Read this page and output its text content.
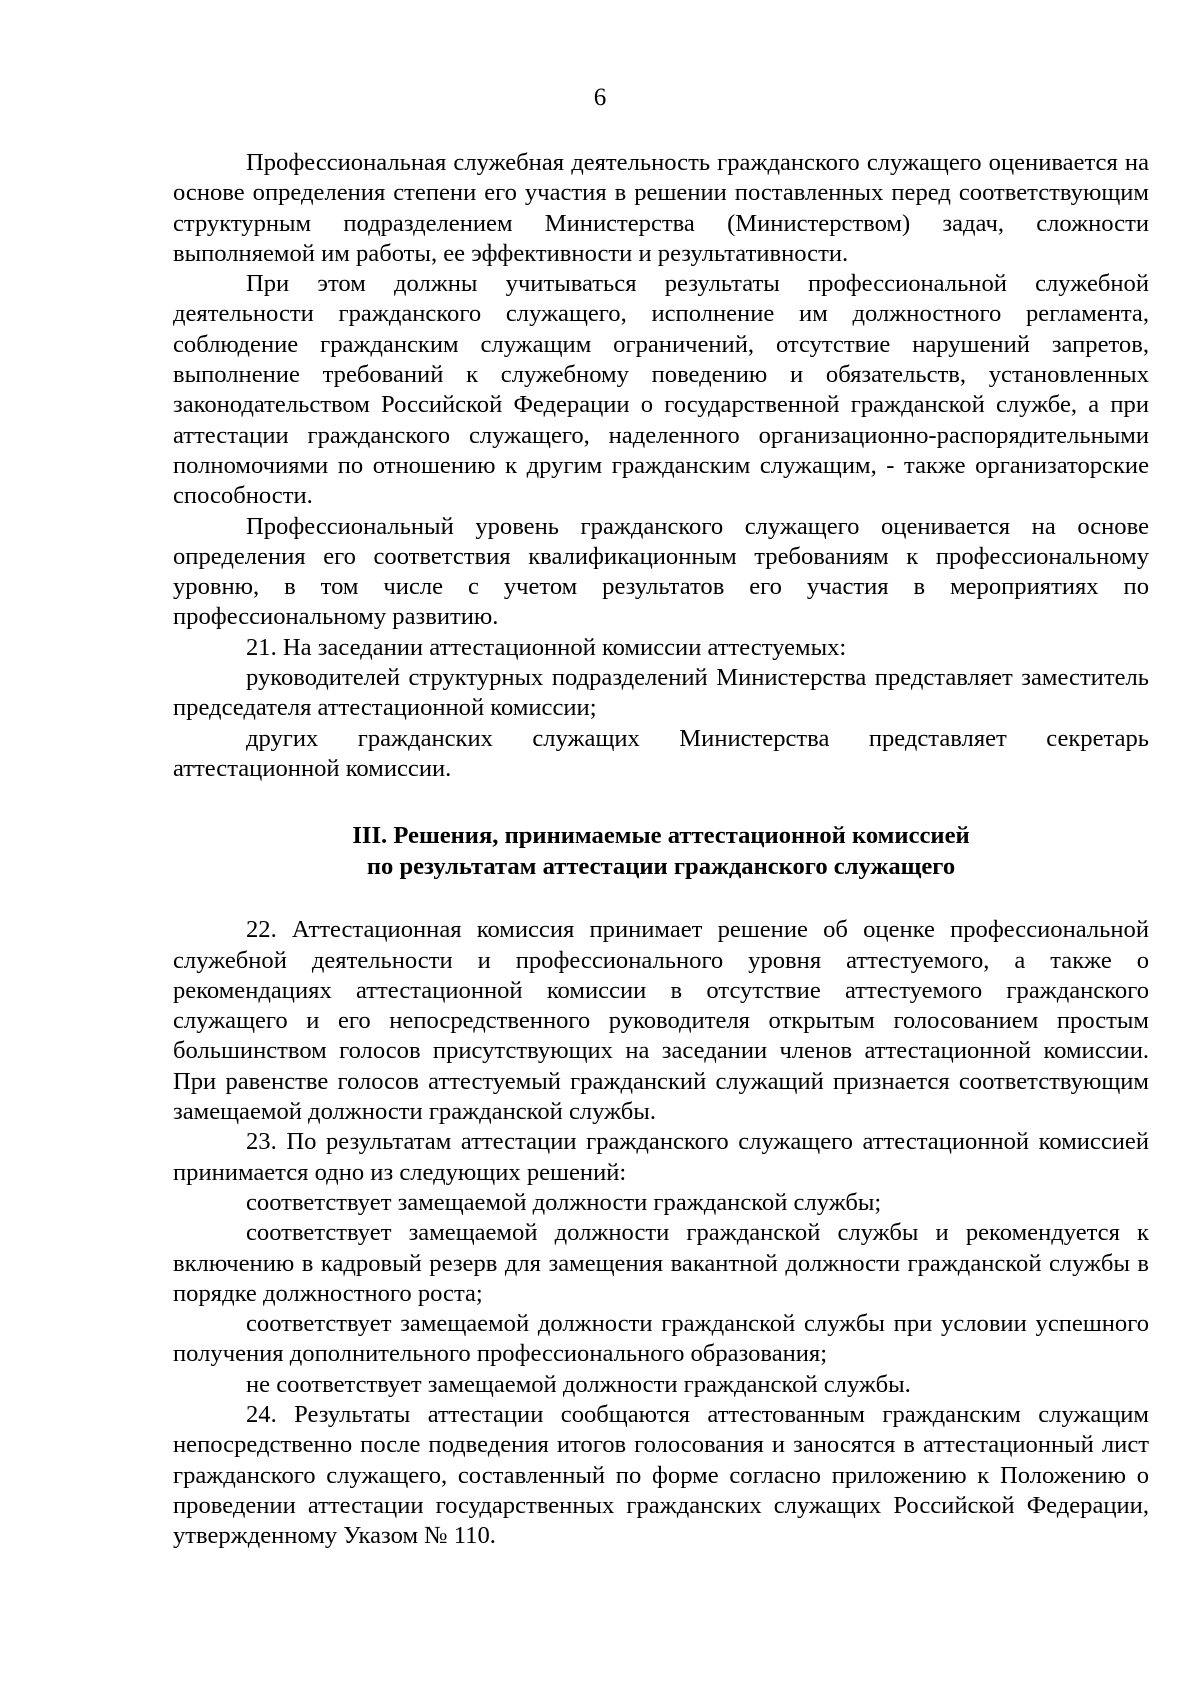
6

Профессиональная служебная деятельность гражданского служащего оценивается на основе определения степени его участия в решении поставленных перед соответствующим структурным подразделением Министерства (Министерством) задач, сложности выполняемой им работы, ее эффективности и результативности.

При этом должны учитываться результаты профессиональной служебной деятельности гражданского служащего, исполнение им должностного регламента, соблюдение гражданским служащим ограничений, отсутствие нарушений запретов, выполнение требований к служебному поведению и обязательств, установленных законодательством Российской Федерации о государственной гражданской службе, а при аттестации гражданского служащего, наделенного организационно-распорядительными полномочиями по отношению к другим гражданским служащим, - также организаторские способности.

Профессиональный уровень гражданского служащего оценивается на основе определения его соответствия квалификационным требованиям к профессиональному уровню, в том числе с учетом результатов его участия в мероприятиях по профессиональному развитию.

21. На заседании аттестационной комиссии аттестуемых:

руководителей структурных подразделений Министерства представляет заместитель председателя аттестационной комиссии;

других гражданских служащих Министерства представляет секретарь аттестационной комиссии.

III. Решения, принимаемые аттестационной комиссией

по результатам аттестации гражданского служащего

22. Аттестационная комиссия принимает решение об оценке профессиональной служебной деятельности и профессионального уровня аттестуемого, а также о рекомендациях аттестационной комиссии в отсутствие аттестуемого гражданского служащего и его непосредственного руководителя открытым голосованием простым большинством голосов присутствующих на заседании членов аттестационной комиссии. При равенстве голосов аттестуемый гражданский служащий признается соответствующим замещаемой должности гражданской службы.

23. По результатам аттестации гражданского служащего аттестационной комиссией принимается одно из следующих решений:

соответствует замещаемой должности гражданской службы;

соответствует замещаемой должности гражданской службы и рекомендуется к включению в кадровый резерв для замещения вакантной должности гражданской службы в порядке должностного роста;

соответствует замещаемой должности гражданской службы при условии успешного получения дополнительного профессионального образования;

не соответствует замещаемой должности гражданской службы.

24. Результаты аттестации сообщаются аттестованным гражданским служащим непосредственно после подведения итогов голосования и заносятся в аттестационный лист гражданского служащего, составленный по форме согласно приложению к Положению о проведении аттестации государственных гражданских служащих Российской Федерации, утвержденному Указом № 110.
